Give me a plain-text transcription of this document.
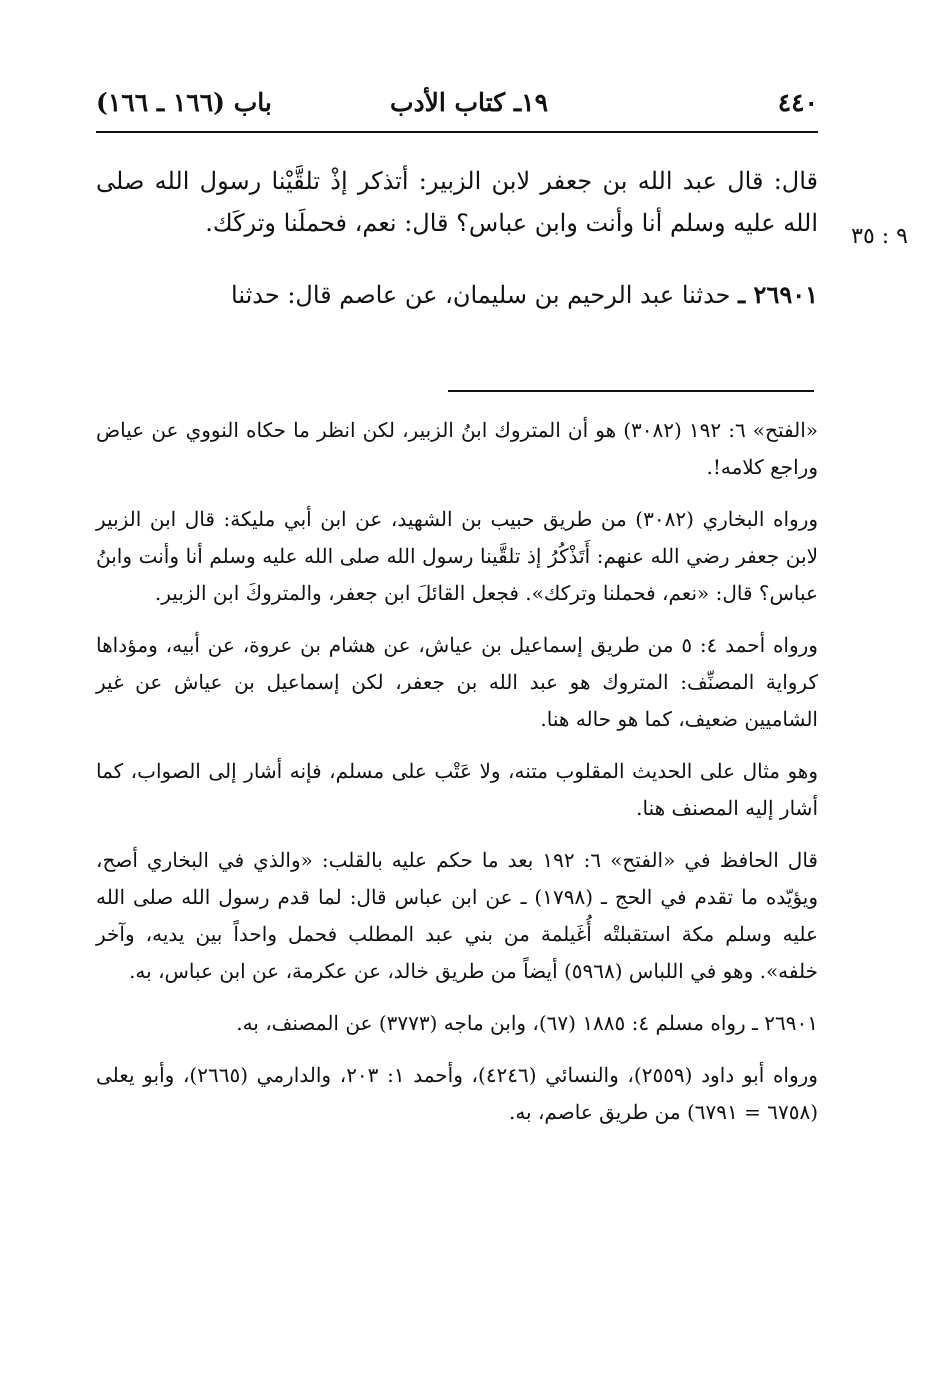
٤٤٠
١٩ـ كتاب الأدب
باب (١٦٦ ـ ١٦٦)
٩ : ٣٥

قال: قال عبد الله بن جعفر لابن الزبير: أتذكر إذْ تلقَّيْنا رسول الله صلى الله عليه وسلم أنا وأنت وابن عباس؟ قال: نعم، فحملَنا وتركَك.

٢٦٩٠١ ـ حدثنا عبد الرحيم بن سليمان، عن عاصم قال: حدثنا

«الفتح» ٦: ١٩٢ (٣٠٨٢) هو أن المتروك ابنُ الزبير، لكن انظر ما حكاه النووي عن عياض وراجع كلامه!.

ورواه البخاري (٣٠٨٢) من طريق حبيب بن الشهيد، عن ابن أبي مليكة: قال ابن الزبير لابن جعفر رضي الله عنهم: أَتَذْكُرُ إذ تلقَّينا رسول الله صلى الله عليه وسلم أنا وأنت وابنُ عباس؟ قال: «نعم، فحملنا وتركك». فجعل القائلَ ابن جعفر، والمتروكَ ابن الزبير.

ورواه أحمد ٤: ٥ من طريق إسماعيل بن عياش، عن هشام بن عروة، عن أبيه، ومؤداها كرواية المصنِّف: المتروك هو عبد الله بن جعفر، لكن إسماعيل بن عياش عن غير الشاميين ضعيف، كما هو حاله هنا.

وهو مثال على الحديث المقلوب متنه، ولا عَتْب على مسلم، فإنه أشار إلى الصواب، كما أشار إليه المصنف هنا.

قال الحافظ في «الفتح» ٦: ١٩٢ بعد ما حكم عليه بالقلب: «والذي في البخاري أصح، ويؤيّده ما تقدم في الحج ـ (١٧٩٨) ـ عن ابن عباس قال: لما قدم رسول الله صلى الله عليه وسلم مكة استقبلتْه أُغَيلمة من بني عبد المطلب فحمل واحداً بين يديه، وآخر خلفه». وهو في اللباس (٥٩٦٨) أيضاً من طريق خالد، عن عكرمة، عن ابن عباس، به.

٢٦٩٠١ ـ رواه مسلم ٤: ١٨٨٥ (٦٧)، وابن ماجه (٣٧٧٣) عن المصنف، به.

ورواه أبو داود (٢٥٥٩)، والنسائي (٤٢٤٦)، وأحمد ١: ٢٠٣، والدارمي (٢٦٦٥)، وأبو يعلى (٦٧٥٨ = ٦٧٩١) من طريق عاصم، به.
